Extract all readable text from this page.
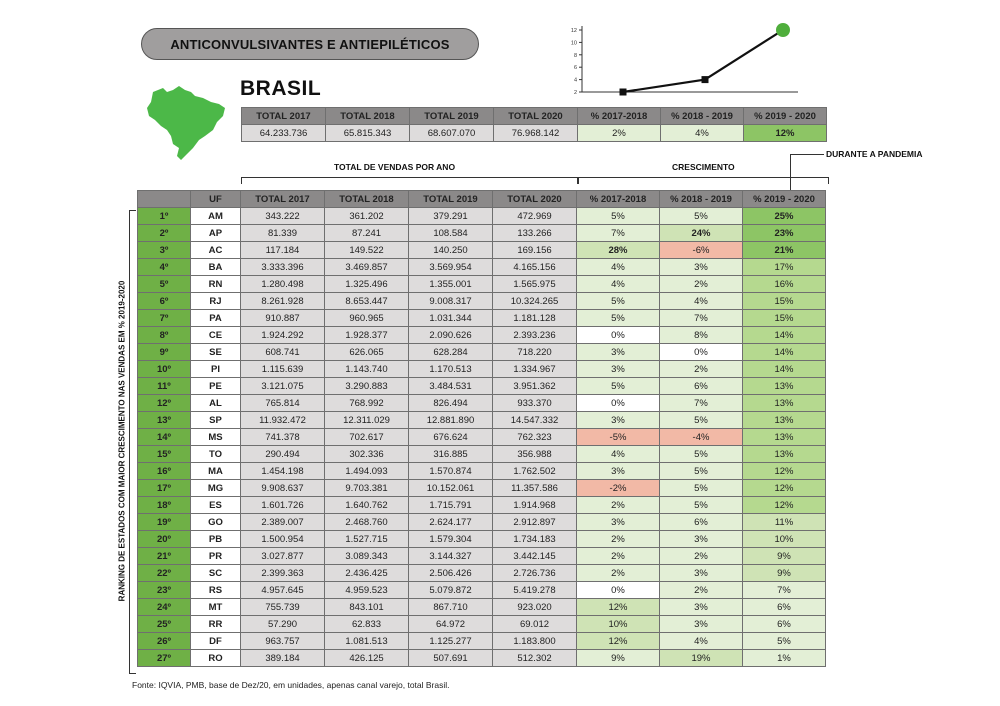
ANTICONVULSIVANTES E ANTIEPILÉTICOS
BRASIL	2
4
6
8
10
12
TOTAL 2017	TOTAL 2018	TOTAL 2019	TOTAL 2020	% 2017-2018	% 2018 - 2019	% 2019 - 2020
64.233.736	65.815.343	68.607.070	76.968.142	2%	4%	12%
TOTAL DE VENDAS POR ANO	CRESCIMENTO
DURANTE A PANDEMIA
RANKING DE ESTADOS COM MAIOR CRESCIMENTO NAS VENDAS EM % 2019-2020
	UF	TOTAL 2017	TOTAL 2018	TOTAL 2019	TOTAL 2020	% 2017-2018	% 2018 - 2019	% 2019 - 2020
1º	AM	343.222	361.202	379.291	472.969	5%	5%	25%
2º	AP	81.339	87.241	108.584	133.266	7%	24%	23%
3º	AC	117.184	149.522	140.250	169.156	28%	-6%	21%
4º	BA	3.333.396	3.469.857	3.569.954	4.165.156	4%	3%	17%
5º	RN	1.280.498	1.325.496	1.355.001	1.565.975	4%	2%	16%
6º	RJ	8.261.928	8.653.447	9.008.317	10.324.265	5%	4%	15%
7º	PA	910.887	960.965	1.031.344	1.181.128	5%	7%	15%
8º	CE	1.924.292	1.928.377	2.090.626	2.393.236	0%	8%	14%
9º	SE	608.741	626.065	628.284	718.220	3%	0%	14%
10º	PI	1.115.639	1.143.740	1.170.513	1.334.967	3%	2%	14%
11º	PE	3.121.075	3.290.883	3.484.531	3.951.362	5%	6%	13%
12º	AL	765.814	768.992	826.494	933.370	0%	7%	13%
13º	SP	11.932.472	12.311.029	12.881.890	14.547.332	3%	5%	13%
14º	MS	741.378	702.617	676.624	762.323	-5%	-4%	13%
15º	TO	290.494	302.336	316.885	356.988	4%	5%	13%
16º	MA	1.454.198	1.494.093	1.570.874	1.762.502	3%	5%	12%
17º	MG	9.908.637	9.703.381	10.152.061	11.357.586	-2%	5%	12%
18º	ES	1.601.726	1.640.762	1.715.791	1.914.968	2%	5%	12%
19º	GO	2.389.007	2.468.760	2.624.177	2.912.897	3%	6%	11%
20º	PB	1.500.954	1.527.715	1.579.304	1.734.183	2%	3%	10%
21º	PR	3.027.877	3.089.343	3.144.327	3.442.145	2%	2%	9%
22º	SC	2.399.363	2.436.425	2.506.426	2.726.736	2%	3%	9%
23º	RS	4.957.645	4.959.523	5.079.872	5.419.278	0%	2%	7%
24º	MT	755.739	843.101	867.710	923.020	12%	3%	6%
25º	RR	57.290	62.833	64.972	69.012	10%	3%	6%
26º	DF	963.757	1.081.513	1.125.277	1.183.800	12%	4%	5%
27º	RO	389.184	426.125	507.691	512.302	9%	19%	1%
Fonte: IQVIA, PMB, base de Dez/20, em unidades, apenas canal varejo, total Brasil.
